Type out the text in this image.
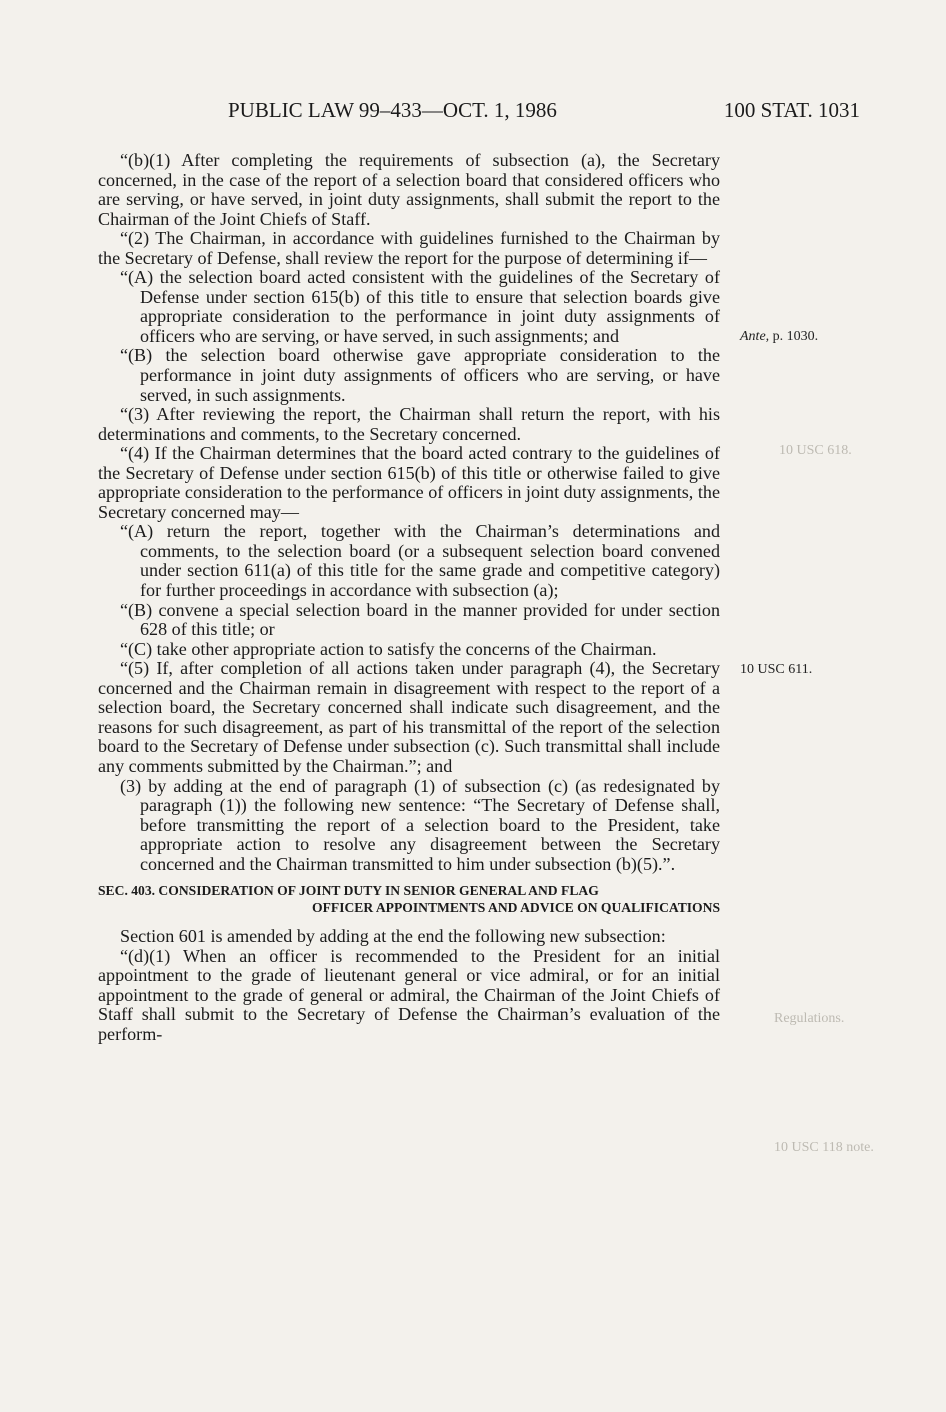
PUBLIC LAW 99–433—OCT. 1, 1986	100 STAT. 1031

“(b)(1) After completing the requirements of subsection (a), the Secretary concerned, in the case of the report of a selection board that considered officers who are serving, or have served, in joint duty assignments, shall submit the report to the Chairman of the Joint Chiefs of Staff.

“(2) The Chairman, in accordance with guidelines furnished to the Chairman by the Secretary of Defense, shall review the report for the purpose of determining if—

“(A) the selection board acted consistent with the guidelines of the Secretary of Defense under section 615(b) of this title to ensure that selection boards give appropriate consideration to the performance in joint duty assignments of officers who are serving, or have served, in such assignments; and

“(B) the selection board otherwise gave appropriate consideration to the performance in joint duty assignments of officers who are serving, or have served, in such assignments.

“(3) After reviewing the report, the Chairman shall return the report, with his determinations and comments, to the Secretary concerned.

“(4) If the Chairman determines that the board acted contrary to the guidelines of the Secretary of Defense under section 615(b) of this title or otherwise failed to give appropriate consideration to the performance of officers in joint duty assignments, the Secretary concerned may—

“(A) return the report, together with the Chairman’s determinations and comments, to the selection board (or a subsequent selection board convened under section 611(a) of this title for the same grade and competitive category) for further proceedings in accordance with subsection (a);

“(B) convene a special selection board in the manner provided for under section 628 of this title; or

“(C) take other appropriate action to satisfy the concerns of the Chairman.

“(5) If, after completion of all actions taken under paragraph (4), the Secretary concerned and the Chairman remain in disagreement with respect to the report of a selection board, the Secretary concerned shall indicate such disagreement, and the reasons for such disagreement, as part of his transmittal of the report of the selection board to the Secretary of Defense under subsection (c). Such transmittal shall include any comments submitted by the Chairman.”; and

(3) by adding at the end of paragraph (1) of subsection (c) (as redesignated by paragraph (1)) the following new sentence: “The Secretary of Defense shall, before transmitting the report of a selection board to the President, take appropriate action to resolve any disagreement between the Secretary concerned and the Chairman transmitted to him under subsection (b)(5).”.

SEC. 403. CONSIDERATION OF JOINT DUTY IN SENIOR GENERAL AND FLAG
OFFICER APPOINTMENTS AND ADVICE ON QUALIFICATIONS

Section 601 is amended by adding at the end the following new subsection:

“(d)(1) When an officer is recommended to the President for an initial appointment to the grade of lieutenant general or vice admiral, or for an initial appointment to the grade of general or admiral, the Chairman of the Joint Chiefs of Staff shall submit to the Secretary of Defense the Chairman’s evaluation of the perform-

Ante, p. 1030.
10 USC 611.
10 USC 618.
Regulations.
10 USC 118 note.
